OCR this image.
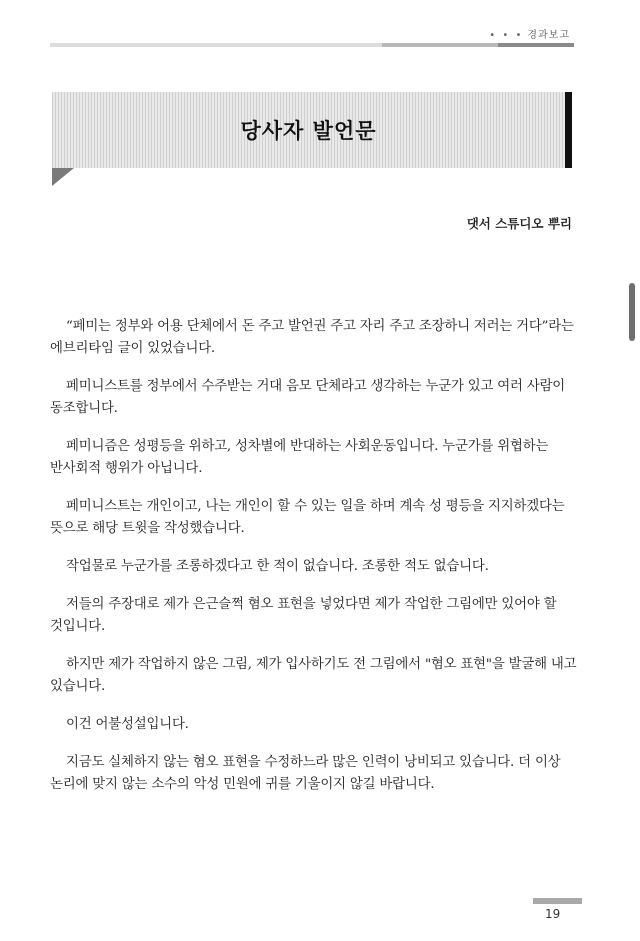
• • • 경과보고
당사자 발언문
댓서 스튜디오 뿌리

“페미는 정부와 어용 단체에서 돈 주고 발언권 주고 자리 주고 조장하니 저러는 거다”라는 에브리타임 글이 있었습니다.

페미니스트를 정부에서 수주받는 거대 음모 단체라고 생각하는 누군가 있고 여러 사람이 동조합니다.

페미니즘은 성평등을 위하고, 성차별에 반대하는 사회운동입니다. 누군가를 위협하는 반사회적 행위가 아닙니다.

페미니스트는 개인이고, 나는 개인이 할 수 있는 일을 하며 계속 성 평등을 지지하겠다는 뜻으로 해당 트윗을 작성했습니다.

작업물로 누군가를 조롱하겠다고 한 적이 없습니다. 조롱한 적도 없습니다.

저들의 주장대로 제가 은근슬쩍 혐오 표현을 넣었다면 제가 작업한 그림에만 있어야 할 것입니다.

하지만 제가 작업하지 않은 그림, 제가 입사하기도 전 그림에서 "혐오 표현"을 발굴해 내고 있습니다.

이건 어불성설입니다.

지금도 실체하지 않는 혐오 표현을 수정하느라 많은 인력이 낭비되고 있습니다. 더 이상 논리에 맞지 않는 소수의 악성 민원에 귀를 기울이지 않길 바랍니다.

19
